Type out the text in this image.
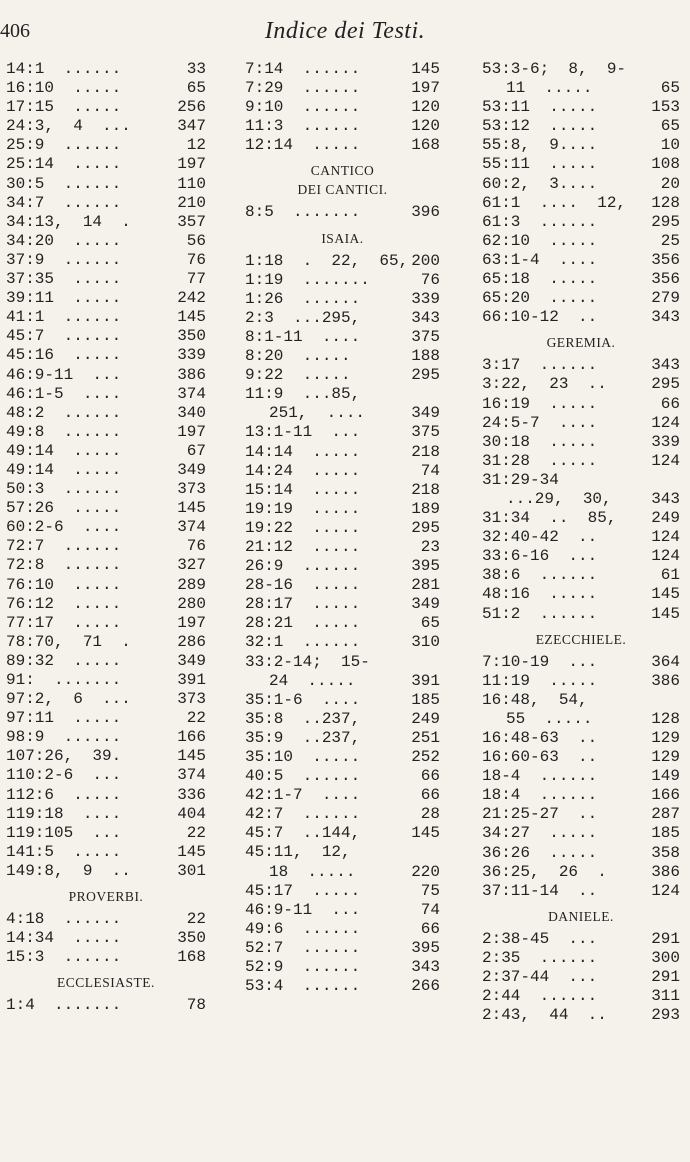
406	Indice dei Testi.
14:1  ......	33
16:10  .....	65
17:15  .....	256
24:3,  4  ...	347
25:9  ......	12
25:14  .....	197
30:5  ......	110
34:7  ......	210
34:13,  14  .	357
34:20  .....	56
37:9  ......	76
37:35  .....	77
39:11  .....	242
41:1  ......	145
45:7  ......	350
45:16  .....	339
46:9-11  ...	386
46:1-5  ....	374
48:2  ......	340
49:8  ......	197
49:14  .....	67
49:14  .....	349
50:3  ......	373
57:26  .....	145
60:2-6  ....	374
72:7  ......	76
72:8  ......	327
76:10  .....	289
76:12  .....	280
77:17  .....	197
78:70,  71  .	286
89:32  .....	349
91:  .......	391
97:2,  6  ...	373
97:11  .....	22
98:9  ......	166
107:26,  39.	145
110:2-6  ...	374
112:6  .....	336
119:18  ....	404
119:105  ...	22
141:5  .....	145
149:8,  9  ..	301
PROVERBI.
4:18  ......	22
14:34  .....	350
15:3  ......	168
ECCLESIASTE.
1:4  .......	78
7:14  ......	145
7:29  ......	197
9:10  ......	120
11:3  ......	120
12:14  .....	168
CANTICO
DEI CANTICI.
8:5  .......	396
ISAIA.
1:18  .  22,  65, 200
1:19  .......	76
1:26  ......	339
2:3  ...295,	343
8:1-11  ....	375
8:20  .....	188
9:22  .....	295
11:9  ...85,
251,  ....	349
13:1-11  ...	375
14:14  .....	218
14:24  .....	74
15:14  .....	218
19:19  .....	189
19:22  .....	295
21:12  .....	23
26:9  ......	395
28-16  .....	281
28:17  .....	349
28:21  .....	65
32:1  ......	310
33:2-14;  15-
24  .....	391
35:1-6  ....	185
35:8  ..237,	249
35:9  ..237,	251
35:10  .....	252
40:5  ......	66
42:1-7  ....	66
42:7  ......	28
45:7  ..144,	145
45:11,  12,
18  .....	220
45:17  .....	75
46:9-11  ...	74
49:6  ......	66
52:7  ......	395
52:9  ......	343
53:4  ......	266
53:3-6;  8,  9-
11  .....	65
53:11  .....	153
53:12  .....	65
55:8,  9....	10
55:11  .....	108
60:2,  3....	20
61:1  ....  12, 128
61:3  ......	295
62:10  .....	25
63:1-4  ....	356
65:18  .....	356
65:20  .....	279
66:10-12  ..	343
GEREMIA.
3:17  ......	343
3:22,  23  ..	295
16:19  .....	66
24:5-7  ....	124
30:18  .....	339
31:28  .....	124
31:29-34
...29,  30, 343
31:34  ..  85, 249
32:40-42  ..	124
33:6-16  ...	124
38:6  ......	61
48:16  .....	145
51:2  ......	145
EZECCHIELE.
7:10-19  ...	364
11:19  .....	386
16:48,  54,
55  .....	128
16:48-63  ..	129
16:60-63  ..	129
18-4  ......	149
18:4  ......	166
21:25-27  ..	287
34:27  .....	185
36:26  .....	358
36:25,  26  .	386
37:11-14  ..	124
DANIELE.
2:38-45  ...	291
2:35  ......	300
2:37-44  ...	291
2:44  ......	311
2:43,  44  ..	293
